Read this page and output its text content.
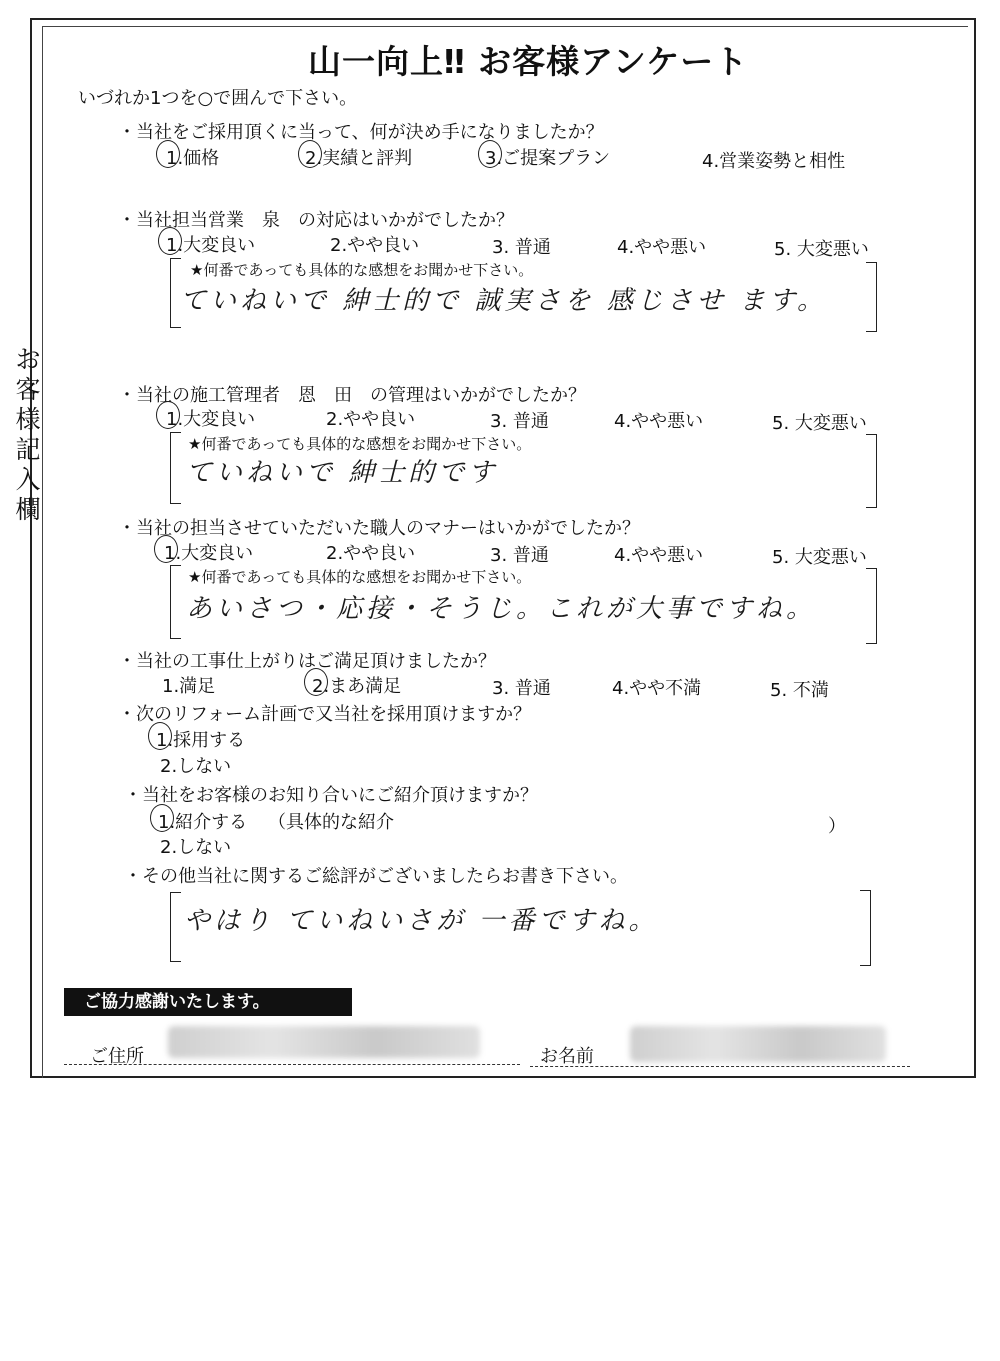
お
客
様
記
入
欄
山一向上‼ お客様アンケート
いづれか1つを○で囲んで下さい。
・当社をご採用頂くに当って、何が決め手になりましたか？
1.価格	2.実績と評判	3.ご提案プラン	4.営業姿勢と相性
・当社担当営業　泉　の対応はいかがでしたか？
1.大変良い	2.やや良い	3. 普通	4.やや悪い	5. 大変悪い
★何番であっても具体的な感想をお聞かせ下さい。
ていねいで 紳士的で 誠実さを 感じさせ ます。
・当社の施工管理者　恩　田　の管理はいかがでしたか？
1.大変良い	2.やや良い	3. 普通	4.やや悪い	5. 大変悪い
★何番であっても具体的な感想をお聞かせ下さい。
ていねいで 紳士的です
・当社の担当させていただいた職人のマナーはいかがでしたか？
1.大変良い	2.やや良い	3. 普通	4.やや悪い	5. 大変悪い
★何番であっても具体的な感想をお聞かせ下さい。
あいさつ・応接・そうじ。これが大事ですね。
・当社の工事仕上がりはご満足頂けましたか？
1.満足	2.まあ満足	3. 普通	4.やや不満	5. 不満
・次のリフォーム計画で又当社を採用頂けますか？
1.採用する
2.しない
・当社をお客様のお知り合いにご紹介頂けますか？
1.紹介する （具体的な紹介	）
2.しない
・その他当社に関するご総評がございましたらお書き下さい。
やはり ていねいさが 一番ですね。
ご協力感謝いたします。
ご住所	お名前
